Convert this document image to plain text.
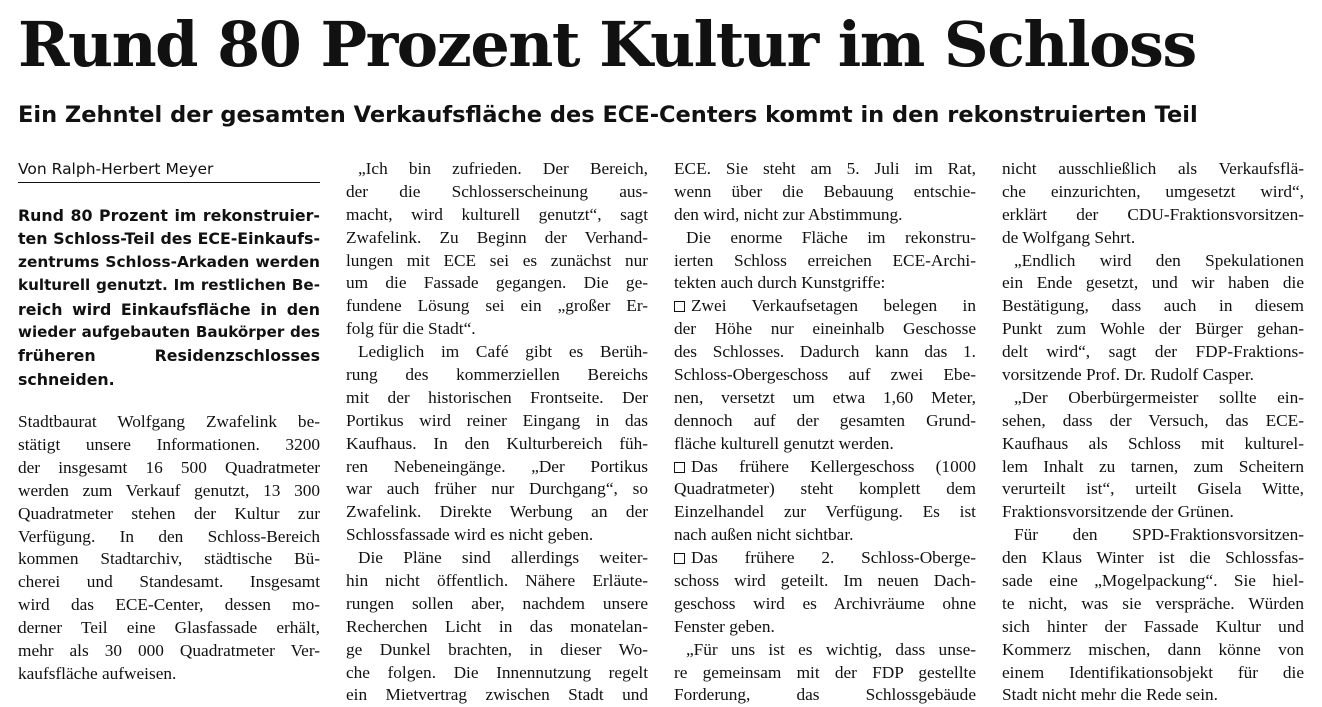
Rund 80 Prozent Kultur im Schloss
Ein Zehntel der gesamten Verkaufsfläche des ECE-Centers kommt in den rekonstruierten Teil
Von Ralph-Herbert Meyer
Rund 80 Prozent im rekonstruier-
ten Schloss-Teil des ECE-Einkaufs-
zentrums Schloss-Arkaden werden
kulturell genutzt. Im restlichen Be-
reich wird Einkaufsfläche in den
wieder aufgebauten Baukörper des
früheren Residenzschlosses
schneiden.
Stadtbaurat Wolfgang Zwafelink be-
stätigt unsere Informationen. 3200
der insgesamt 16 500 Quadratmeter
werden zum Verkauf genutzt, 13 300
Quadratmeter stehen der Kultur zur
Verfügung. In den Schloss-Bereich
kommen Stadtarchiv, städtische Bü-
cherei und Standesamt. Insgesamt
wird das ECE-Center, dessen mo-
derner Teil eine Glasfassade erhält,
mehr als 30 000 Quadratmeter Ver-
kaufsfläche aufweisen.
„Ich bin zufrieden. Der Bereich,
der die Schlosserscheinung aus-
macht, wird kulturell genutzt“, sagt
Zwafelink. Zu Beginn der Verhand-
lungen mit ECE sei es zunächst nur
um die Fassade gegangen. Die ge-
fundene Lösung sei ein „großer Er-
folg für die Stadt“.
Lediglich im Café gibt es Berüh-
rung des kommerziellen Bereichs
mit der historischen Frontseite. Der
Portikus wird reiner Eingang in das
Kaufhaus. In den Kulturbereich füh-
ren Nebeneingänge. „Der Portikus
war auch früher nur Durchgang“, so
Zwafelink. Direkte Werbung an der
Schlossfassade wird es nicht geben.
Die Pläne sind allerdings weiter-
hin nicht öffentlich. Nähere Erläute-
rungen sollen aber, nachdem unsere
Recherchen Licht in das monatelan-
ge Dunkel brachten, in dieser Wo-
che folgen. Die Innennutzung regelt
ein Mietvertrag zwischen Stadt und
ECE. Sie steht am 5. Juli im Rat,
wenn über die Bebauung entschie-
den wird, nicht zur Abstimmung.
Die enorme Fläche im rekonstru-
ierten Schloss erreichen ECE-Archi-
tekten auch durch Kunstgriffe:
Zwei Verkaufsetagen belegen in
der Höhe nur eineinhalb Geschosse
des Schlosses. Dadurch kann das 1.
Schloss-Obergeschoss auf zwei Ebe-
nen, versetzt um etwa 1,60 Meter,
dennoch auf der gesamten Grund-
fläche kulturell genutzt werden.
Das frühere Kellergeschoss (1000
Quadratmeter) steht komplett dem
Einzelhandel zur Verfügung. Es ist
nach außen nicht sichtbar.
Das frühere 2. Schloss-Oberge-
schoss wird geteilt. Im neuen Dach-
geschoss wird es Archivräume ohne
Fenster geben.
„Für uns ist es wichtig, dass unse-
re gemeinsam mit der FDP gestellte
Forderung, das Schlossgebäude
nicht ausschließlich als Verkaufsflä-
che einzurichten, umgesetzt wird“,
erklärt der CDU-Fraktionsvorsitzen-
de Wolfgang Sehrt.
„Endlich wird den Spekulationen
ein Ende gesetzt, und wir haben die
Bestätigung, dass auch in diesem
Punkt zum Wohle der Bürger gehan-
delt wird“, sagt der FDP-Fraktions-
vorsitzende Prof. Dr. Rudolf Casper.
„Der Oberbürgermeister sollte ein-
sehen, dass der Versuch, das ECE-
Kaufhaus als Schloss mit kulturel-
lem Inhalt zu tarnen, zum Scheitern
verurteilt ist“, urteilt Gisela Witte,
Fraktionsvorsitzende der Grünen.
Für den SPD-Fraktionsvorsitzen-
den Klaus Winter ist die Schlossfas-
sade eine „Mogelpackung“. Sie hiel-
te nicht, was sie verspräche. Würden
sich hinter der Fassade Kultur und
Kommerz mischen, dann könne von
einem Identifikationsobjekt für die
Stadt nicht mehr die Rede sein.
